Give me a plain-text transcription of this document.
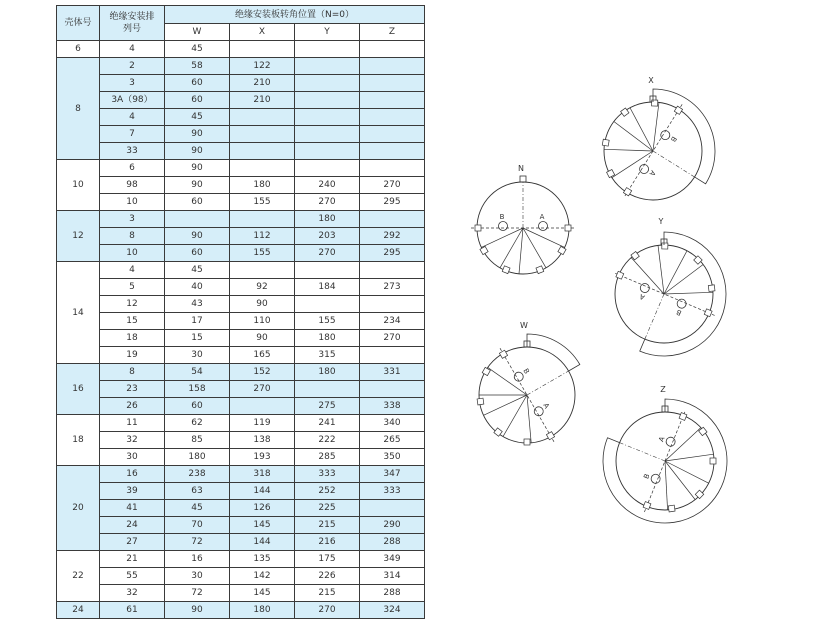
壳体号	绝缘安装排
列号	绝缘安装板转角位置（N=0）			
		W	X	Y	Z
6	4	45			
8	2	58	122		
	3	60	210		
	3A（98）	60	210		
	4	45			
	7	90			
	33	90			
10	6	90			
	98	90	180	240	270
	10	60	155	270	295
12	3			180	
	8	90	112	203	292
	10	60	155	270	295
14	4	45			
	5	40	92	184	273
	12	43	90		
	15	17	110	155	234
	18	15	90	180	270
	19	30	165	315	
16	8	54	152	180	331
	23	158	270		
	26	60		275	338
18	11	62	119	241	340
	32	85	138	222	265
	30	180	193	285	350
20	16	238	318	333	347
	39	63	144	252	333
	41	45	126	225	
	24	70	145	215	290
	27	72	144	216	288
22	21	16	135	175	349
	55	30	142	226	314
	32	72	145	215	288
24	61	90	180	270	324
N
B	A
W
B
A
X
B
A
Y
B
A
Z
B
A
